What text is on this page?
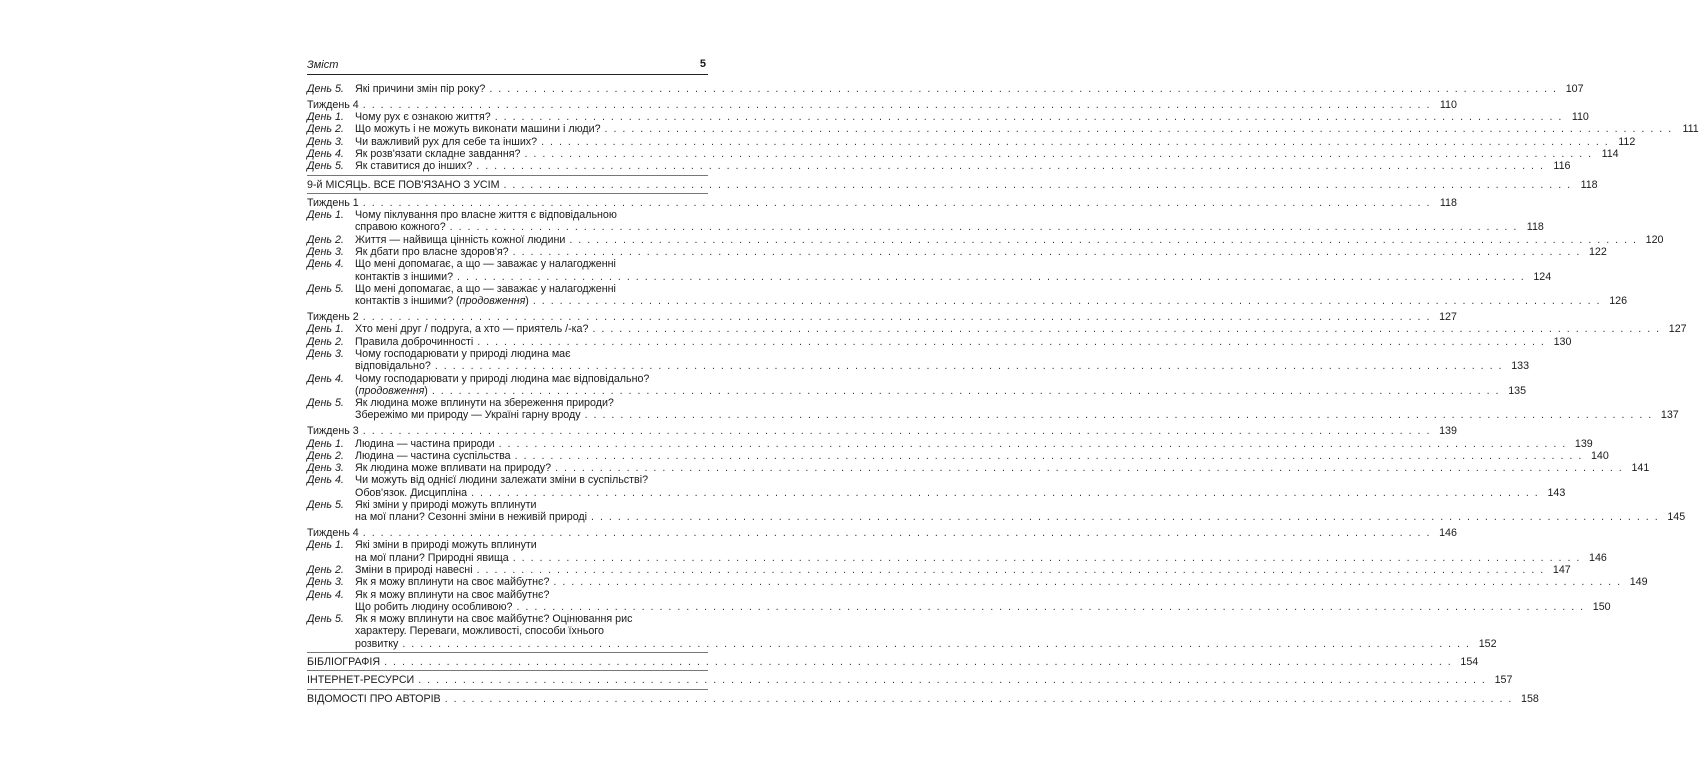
Зміст	5
День 5. Які причини змін пір року? . . . . . . . . . . . . . . . . . . . . . . . . . . . . . . . . . . . . . . . . . . . . . . . . . . . . . . . . . . . . . . . . . . . . . . . . . . . . . . . . . . . . . . . . . . . . . . . . . . . . . . . . . . . . . . . . . . . . . . . . 107
Тиждень 4 . . . . . . . . . . . . . . . . . . . . . . . . . . . . . . . . . . . . . . . . . . . . . . . . . . . . . . . . . . . . . . . . . . . . . . . . . . . . . . . . . . . . . . . . . . . . . . . . . . . . . . . . . . . . . . . . . . . . . . . . 110
День 1. Чому рух є ознакою життя? . . . . . . . . . . . . . . . . . . . . . . . . . . . . . . . . . . . . . . . . . . . . . . . . . . . . . . . . . . . . . . . . . . . . . . . . . . . . . . . . . . . . . . . . . . . . . . . . . . . . . . . . . . . . . . . . . . . . . . . . 110
День 2. Що можуть і не можуть виконати машини і люди? . . . . . . . . . . . . . . . . . . . . . . . . . . . . . . . . . . . . . . . . . . . . . . . . . . . . . . . . . . . . . . . . . . . . . . . . . . . . . . . . . . . . . . . . . . . . . . . . . . . . . . . . . . . . . . . . . . . . . . . . 111
День 3. Чи важливий рух для себе та інших? . . . . . . . . . . . . . . . . . . . . . . . . . . . . . . . . . . . . . . . . . . . . . . . . . . . . . . . . . . . . . . . . . . . . . . . . . . . . . . . . . . . . . . . . . . . . . . . . . . . . . . . . . . . . . . . . . . . . . . . . 112
День 4. Як розв'язати складне завдання? . . . . . . . . . . . . . . . . . . . . . . . . . . . . . . . . . . . . . . . . . . . . . . . . . . . . . . . . . . . . . . . . . . . . . . . . . . . . . . . . . . . . . . . . . . . . . . . . . . . . . . . . . . . . . . . . . . . . . . . . 114
День 5. Як ставитися до інших? . . . . . . . . . . . . . . . . . . . . . . . . . . . . . . . . . . . . . . . . . . . . . . . . . . . . . . . . . . . . . . . . . . . . . . . . . . . . . . . . . . . . . . . . . . . . . . . . . . . . . . . . . . . . . . . . . . . . . . . . 116
9-й МІСЯЦЬ. ВСЕ ПОВ'ЯЗАНО З УСІМ . . . . . . . . . . . . . . . . . . . . . . . . . . . . . . . . . . . . . . . . . . . . . . . . . . . . . . . . . . . . . . . . . . . . . . . . . . . . . . . . . . . . . . . . . . . . . . . . . . . . . . . . . . . . . . . . . . . . . . . . 118
Тиждень 1 . . . . . . . . . . . . . . . . . . . . . . . . . . . . . . . . . . . . . . . . . . . . . . . . . . . . . . . . . . . . . . . . . . . . . . . . . . . . . . . . . . . . . . . . . . . . . . . . . . . . . . . . . . . . . . . . . . . . . . . . 118
День 1. Чому піклування про власне життя є відповідальною
справою кожного? . . . . . . . . . . . . . . . . . . . . . . . . . . . . . . . . . . . . . . . . . . . . . . . . . . . . . . . . . . . . . . . . . . . . . . . . . . . . . . . . . . . . . . . . . . . . . . . . . . . . . . . . . . . . . . . . . . . . . . . . 118
День 2. Життя — найвища цінність кожної людини . . . . . . . . . . . . . . . . . . . . . . . . . . . . . . . . . . . . . . . . . . . . . . . . . . . . . . . . . . . . . . . . . . . . . . . . . . . . . . . . . . . . . . . . . . . . . . . . . . . . . . . . . . . . . . . . . . . . . . . . 120
День 3. Як дбати про власне здоров'я? . . . . . . . . . . . . . . . . . . . . . . . . . . . . . . . . . . . . . . . . . . . . . . . . . . . . . . . . . . . . . . . . . . . . . . . . . . . . . . . . . . . . . . . . . . . . . . . . . . . . . . . . . . . . . . . . . . . . . . . . 122
День 4. Що мені допомагає, а що — заважає у налагодженні
контактів з іншими? . . . . . . . . . . . . . . . . . . . . . . . . . . . . . . . . . . . . . . . . . . . . . . . . . . . . . . . . . . . . . . . . . . . . . . . . . . . . . . . . . . . . . . . . . . . . . . . . . . . . . . . . . . . . . . . . . . . . . . . . 124
День 5. Що мені допомагає, а що — заважає у налагодженні
контактів з іншими? (продовження) . . . . . . . . . . . . . . . . . . . . . . . . . . . . . . . . . . . . . . . . . . . . . . . . . . . . . . . . . . . . . . . . . . . . . . . . . . . . . . . . . . . . . . . . . . . . . . . . . . . . . . . . . . . . . . . . . . . . . . . . 126
Тиждень 2 . . . . . . . . . . . . . . . . . . . . . . . . . . . . . . . . . . . . . . . . . . . . . . . . . . . . . . . . . . . . . . . . . . . . . . . . . . . . . . . . . . . . . . . . . . . . . . . . . . . . . . . . . . . . . . . . . . . . . . . . 127
День 1. Хто мені друг / подруга, а хто — приятель /-ка? . . . . . . . . . . . . . . . . . . . . . . . . . . . . . . . . . . . . . . . . . . . . . . . . . . . . . . . . . . . . . . . . . . . . . . . . . . . . . . . . . . . . . . . . . . . . . . . . . . . . . . . . . . . . . . . . . . . . . . . . 127
День 2. Правила доброчинності . . . . . . . . . . . . . . . . . . . . . . . . . . . . . . . . . . . . . . . . . . . . . . . . . . . . . . . . . . . . . . . . . . . . . . . . . . . . . . . . . . . . . . . . . . . . . . . . . . . . . . . . . . . . . . . . . . . . . . . . 130
День 3. Чому господарювати у природі людина має
відповідально? . . . . . . . . . . . . . . . . . . . . . . . . . . . . . . . . . . . . . . . . . . . . . . . . . . . . . . . . . . . . . . . . . . . . . . . . . . . . . . . . . . . . . . . . . . . . . . . . . . . . . . . . . . . . . . . . . . . . . . . . 133
День 4. Чому господарювати у природі людина має відповідально?
(продовження) . . . . . . . . . . . . . . . . . . . . . . . . . . . . . . . . . . . . . . . . . . . . . . . . . . . . . . . . . . . . . . . . . . . . . . . . . . . . . . . . . . . . . . . . . . . . . . . . . . . . . . . . . . . . . . . . . . . . . . . . 135
День 5. Як людина може вплинути на збереження природи?
Збережімо ми природу — Україні гарну вроду . . . . . . . . . . . . . . . . . . . . . . . . . . . . . . . . . . . . . . . . . . . . . . . . . . . . . . . . . . . . . . . . . . . . . . . . . . . . . . . . . . . . . . . . . . . . . . . . . . . . . . . . . . . . . . . . . . . . . . . . 137
Тиждень 3 . . . . . . . . . . . . . . . . . . . . . . . . . . . . . . . . . . . . . . . . . . . . . . . . . . . . . . . . . . . . . . . . . . . . . . . . . . . . . . . . . . . . . . . . . . . . . . . . . . . . . . . . . . . . . . . . . . . . . . . . 139
День 1. Людина — частина природи . . . . . . . . . . . . . . . . . . . . . . . . . . . . . . . . . . . . . . . . . . . . . . . . . . . . . . . . . . . . . . . . . . . . . . . . . . . . . . . . . . . . . . . . . . . . . . . . . . . . . . . . . . . . . . . . . . . . . . . . 139
День 2. Людина — частина суспільства . . . . . . . . . . . . . . . . . . . . . . . . . . . . . . . . . . . . . . . . . . . . . . . . . . . . . . . . . . . . . . . . . . . . . . . . . . . . . . . . . . . . . . . . . . . . . . . . . . . . . . . . . . . . . . . . . . . . . . . . 140
День 3. Як людина може впливати на природу? . . . . . . . . . . . . . . . . . . . . . . . . . . . . . . . . . . . . . . . . . . . . . . . . . . . . . . . . . . . . . . . . . . . . . . . . . . . . . . . . . . . . . . . . . . . . . . . . . . . . . . . . . . . . . . . . . . . . . . . . 141
День 4. Чи можуть від однієї людини залежати зміни в суспільстві?
Обов'язок. Дисципліна . . . . . . . . . . . . . . . . . . . . . . . . . . . . . . . . . . . . . . . . . . . . . . . . . . . . . . . . . . . . . . . . . . . . . . . . . . . . . . . . . . . . . . . . . . . . . . . . . . . . . . . . . . . . . . . . . . . . . . . . 143
День 5. Які зміни у природі можуть вплинути
на мої плани? Сезонні зміни в неживій природі . . . . . . . . . . . . . . . . . . . . . . . . . . . . . . . . . . . . . . . . . . . . . . . . . . . . . . . . . . . . . . . . . . . . . . . . . . . . . . . . . . . . . . . . . . . . . . . . . . . . . . . . . . . . . . . . . . . . . . . . 145
Тиждень 4 . . . . . . . . . . . . . . . . . . . . . . . . . . . . . . . . . . . . . . . . . . . . . . . . . . . . . . . . . . . . . . . . . . . . . . . . . . . . . . . . . . . . . . . . . . . . . . . . . . . . . . . . . . . . . . . . . . . . . . . . 146
День 1. Які зміни в природі можуть вплинути
на мої плани? Природні явища . . . . . . . . . . . . . . . . . . . . . . . . . . . . . . . . . . . . . . . . . . . . . . . . . . . . . . . . . . . . . . . . . . . . . . . . . . . . . . . . . . . . . . . . . . . . . . . . . . . . . . . . . . . . . . . . . . . . . . . . 146
День 2. Зміни в природі навесні . . . . . . . . . . . . . . . . . . . . . . . . . . . . . . . . . . . . . . . . . . . . . . . . . . . . . . . . . . . . . . . . . . . . . . . . . . . . . . . . . . . . . . . . . . . . . . . . . . . . . . . . . . . . . . . . . . . . . . . . 147
День 3. Як я можу вплинути на своє майбутнє? . . . . . . . . . . . . . . . . . . . . . . . . . . . . . . . . . . . . . . . . . . . . . . . . . . . . . . . . . . . . . . . . . . . . . . . . . . . . . . . . . . . . . . . . . . . . . . . . . . . . . . . . . . . . . . . . . . . . . . . . 149
День 4. Як я можу вплинути на своє майбутнє?
Що робить людину особливою? . . . . . . . . . . . . . . . . . . . . . . . . . . . . . . . . . . . . . . . . . . . . . . . . . . . . . . . . . . . . . . . . . . . . . . . . . . . . . . . . . . . . . . . . . . . . . . . . . . . . . . . . . . . . . . . . . . . . . . . . 150
День 5. Як я можу вплинути на своє майбутнє? Оцінювання рис
характеру. Переваги, можливості, способи їхнього
розвитку . . . . . . . . . . . . . . . . . . . . . . . . . . . . . . . . . . . . . . . . . . . . . . . . . . . . . . . . . . . . . . . . . . . . . . . . . . . . . . . . . . . . . . . . . . . . . . . . . . . . . . . . . . . . . . . . . . . . . . . . 152
БІБЛІОГРАФІЯ . . . . . . . . . . . . . . . . . . . . . . . . . . . . . . . . . . . . . . . . . . . . . . . . . . . . . . . . . . . . . . . . . . . . . . . . . . . . . . . . . . . . . . . . . . . . . . . . . . . . . . . . . . . . . . . . . . . . . . . . 154
ІНТЕРНЕТ-РЕСУРСИ . . . . . . . . . . . . . . . . . . . . . . . . . . . . . . . . . . . . . . . . . . . . . . . . . . . . . . . . . . . . . . . . . . . . . . . . . . . . . . . . . . . . . . . . . . . . . . . . . . . . . . . . . . . . . . . . . . . . . . . . 157
ВІДОМОСТІ ПРО АВТОРІВ . . . . . . . . . . . . . . . . . . . . . . . . . . . . . . . . . . . . . . . . . . . . . . . . . . . . . . . . . . . . . . . . . . . . . . . . . . . . . . . . . . . . . . . . . . . . . . . . . . . . . . . . . . . . . . . . . . . . . . . . 158
